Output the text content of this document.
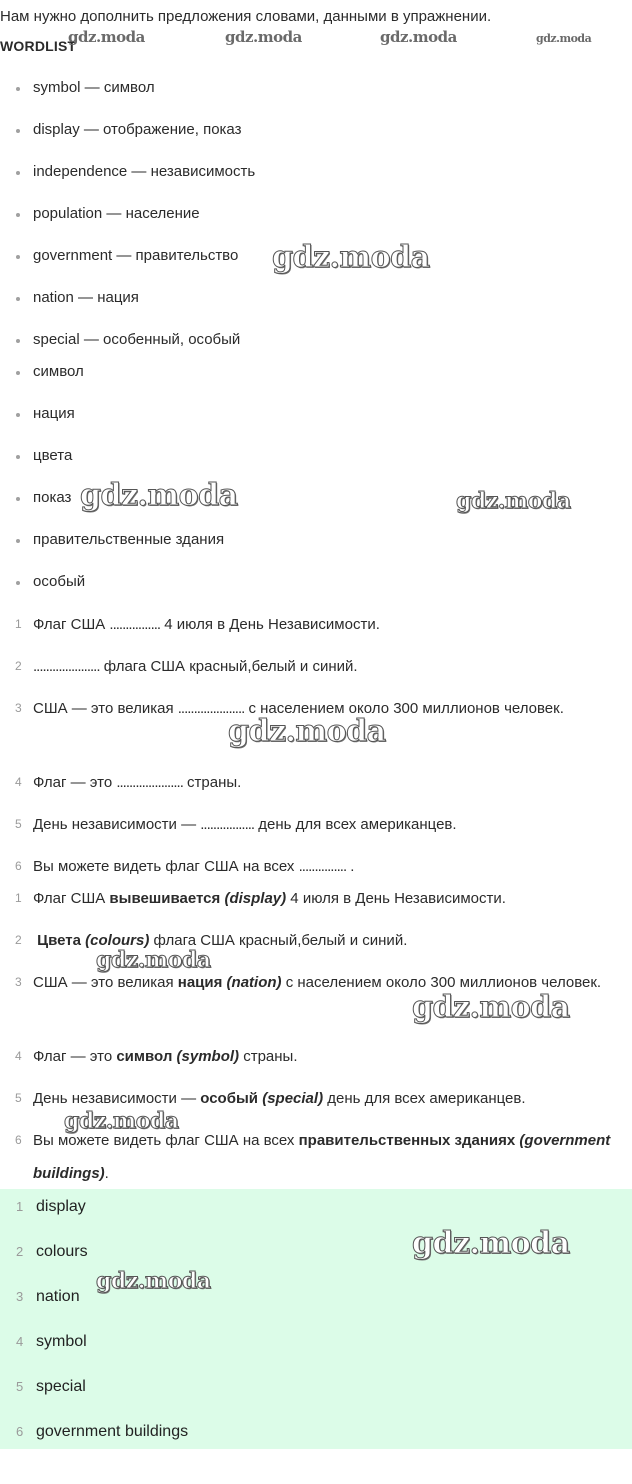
Нам нужно дополнить предложения словами, данными в упражнении.

WORDLIST

symbol — символ
display — отображение, показ
independence — независимость
population — население
government — правительство
nation — нация
special — особенный, особый
символ
нация
цвета
показ
правительственные здания
особый
1 Флаг США ................ 4 июля в День Независимости.
2 ..................... флага США красный,белый и синий.
3 США — это великая ..................... с населением около 300 миллионов человек.
4 Флаг — это ..................... страны.
5 День независимости — ................. день для всех американцев.
6 Вы можете видеть флаг США на всех ............... .
1 Флаг США вывешивается (display) 4 июля в День Независимости.
2 Цвета (colours) флага США красный,белый и синий.
3 США — это великая нация (nation) с населением около 300 миллионов человек.
4 Флаг — это символ (symbol) страны.
5 День независимости — особый (special) день для всех американцев.
6 Вы можете видеть флаг США на всех правительственных зданиях (government buildings).
1 display
2 colours
3 nation
4 symbol
5 special
6 government buildings
gdz.moda	gdz.moda	gdz.moda	gdz.moda
gdz.moda
gdz.moda	gdz.moda
gdz.moda
gdz.moda
gdz.moda
gdz.moda
gdz.moda
gdz.moda
